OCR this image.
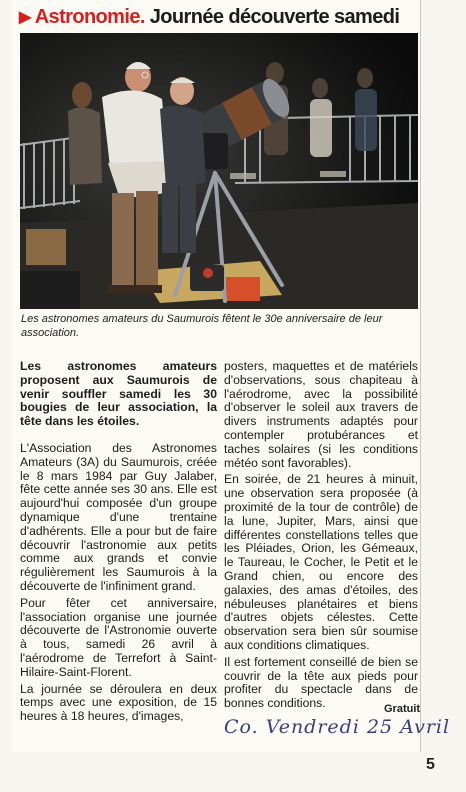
▶ Astronomie. Journée découverte samedi
Les astronomes amateurs du Saumurois fêtent le 30e anniversaire de leur association.

Les astronomes amateurs proposent aux Saumurois de venir souffler samedi les 30 bougies de leur association, la tête dans les étoiles.

L'Association des Astronomes Amateurs (3A) du Saumurois, créée le 8 mars 1984 par Guy Jalaber, fête cette année ses 30 ans. Elle est aujourd'hui composée d'un groupe dynamique d'une trentaine d'adhérents. Elle a pour but de faire découvrir l'astronomie aux petits comme aux grands et convie régulièrement les Saumurois à la découverte de l'infiniment grand.

Pour fêter cet anniversaire, l'association organise une journée découverte de l'Astronomie ouverte à tous, samedi 26 avril à l'aérodrome de Terrefort à Saint-Hilaire-Saint-Florent.

La journée se déroulera en deux temps avec une exposition, de 15 heures à 18 heures, d'images,

posters, maquettes et de matériels d'observations, sous chapiteau à l'aérodrome, avec la possibilité d'observer le soleil aux travers de divers instruments adaptés pour contempler protubérances et taches solaires (si les conditions météo sont favorables).

En soirée, de 21 heures à minuit, une observation sera proposée (à proximité de la tour de contrôle) de la lune, Jupiter, Mars, ainsi que différentes constellations telles que les Pléiades, Orion, les Gémeaux, le Taureau, le Cocher, le Petit et le Grand chien, ou encore des galaxies, des amas d'étoiles, des nébuleuses planétaires et biens d'autres objets célestes. Cette observation sera bien sûr soumise aux conditions climatiques.

Il est fortement conseillé de bien se couvrir de la tête aux pieds pour profiter du spectacle dans de bonnes conditions.	Gratuit
Co. Vendredi 25 Avril
5
